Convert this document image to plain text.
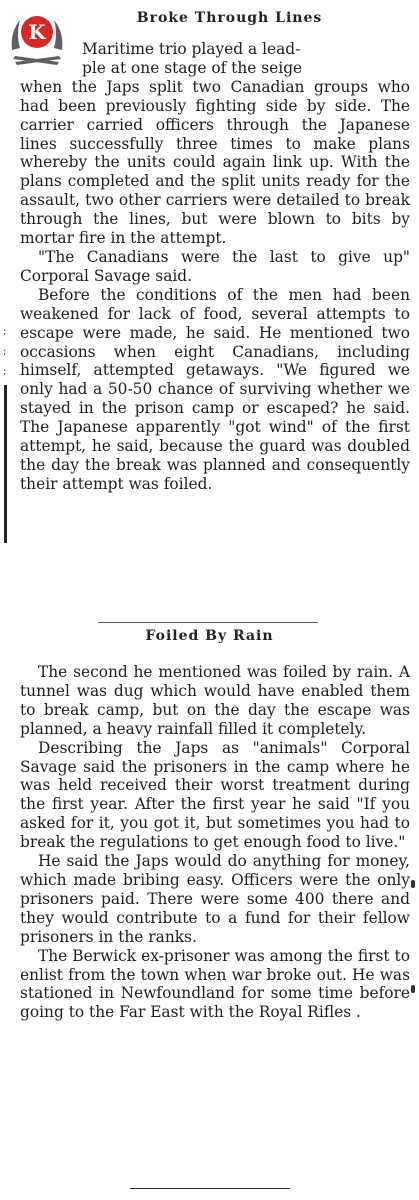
K
Broke Through Lines

Maritime trio played a lead-
ple at one stage of the seige
when the Japs split two Canadian groups who had been previously fighting side by side. The carrier carried officers through the Japanese lines successfully three times to make plans whereby the units could again link up. With the plans completed and the split units ready for the assault, two other carriers were detailed to break through the lines, but were blown to bits by mortar fire in the attempt.

"The Canadians were the last to give up" Corporal Savage said.

Before the conditions of the men had been weakened for lack of food, several attempts to escape were made, he said. He mentioned two occasions when eight Canadians, including himself, attempted getaways. "We figured we only had a 50-50 chance of surviving whether we stayed in the prison camp or escaped? he said. The Japanese apparently "got wind" of the first attempt, he said, because the guard was doubled the day the break was planned and consequently their attempt was foiled.

;
;
;
Foiled By Rain

The second he mentioned was foiled by rain. A tunnel was dug which would have enabled them to break camp, but on the day the escape was planned, a heavy rainfall filled it completely.

Describing the Japs as "animals" Corporal Savage said the prisoners in the camp where he was held received their worst treatment during the first year. After the first year he said "If you asked for it, you got it, but sometimes you had to break the regulations to get enough food to live."

He said the Japs would do anything for money, which made bribing easy. Officers were the only prisoners paid. There were some 400 there and they would contribute to a fund for their fellow prisoners in the ranks.

The Berwick ex-prisoner was among the first to enlist from the town when war broke out. He was stationed in Newfoundland for some time before going to the Far East with the Royal Rifles .
